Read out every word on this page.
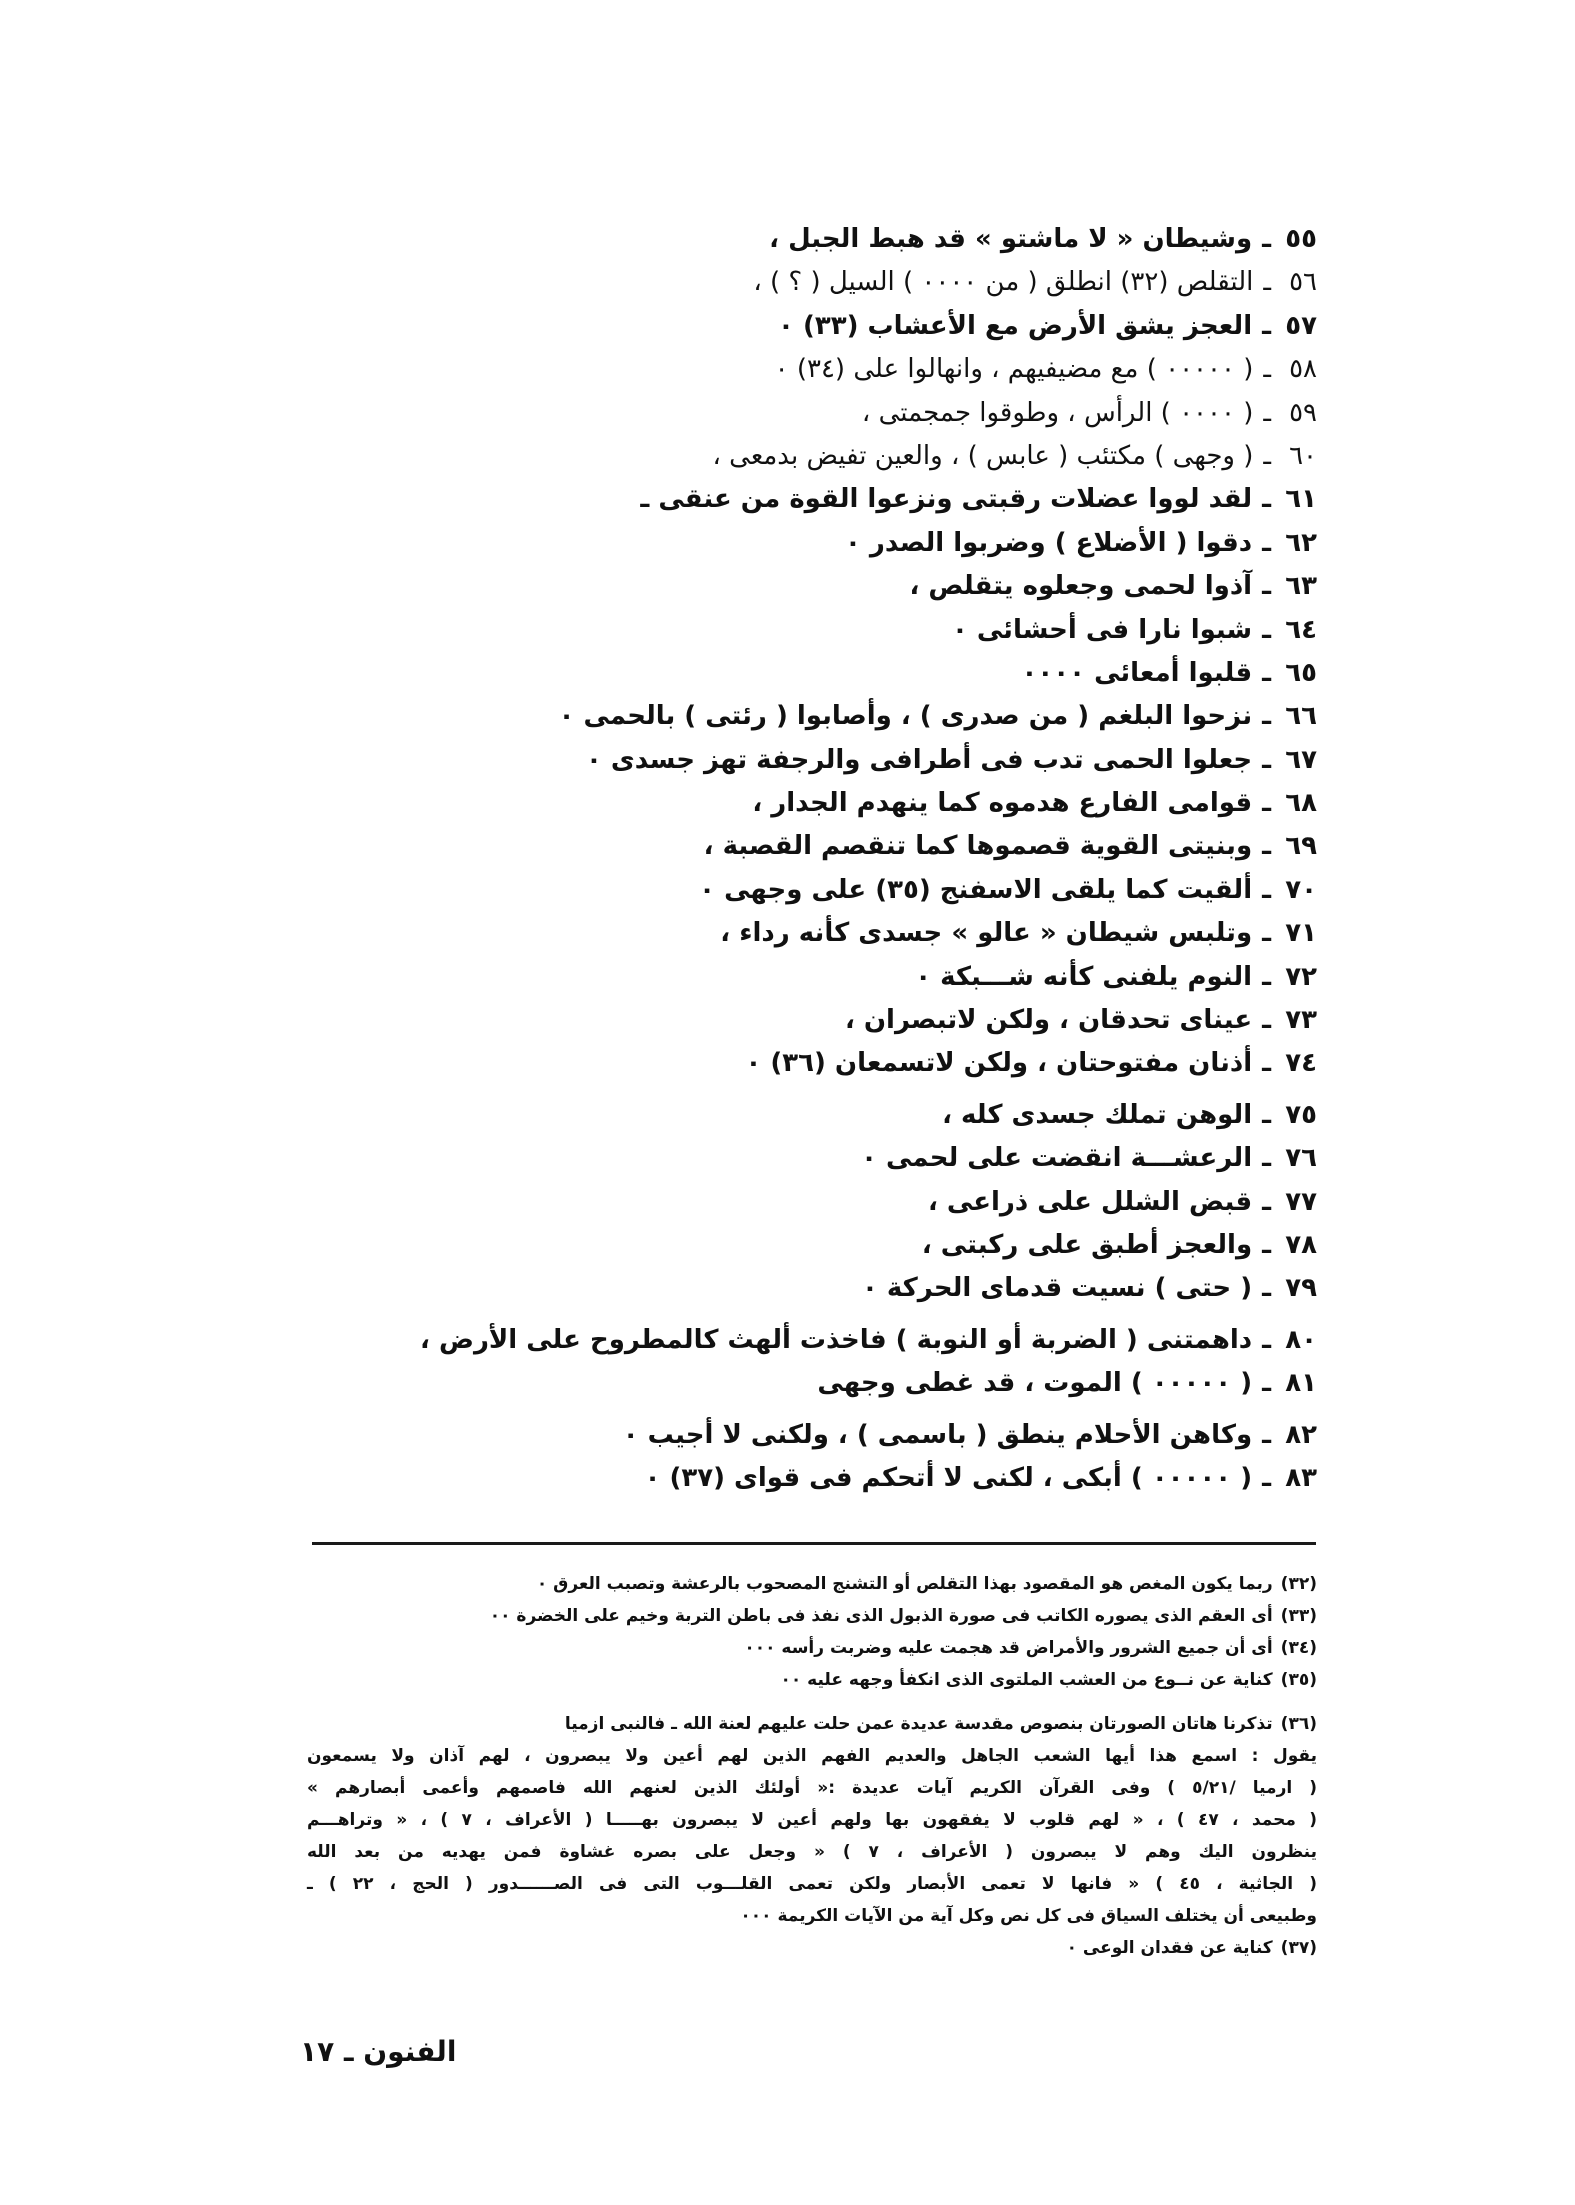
٥٥
ـ
وشيطان « لا ماشتو » قد هبط الجبل ،
٥٦
ـ
التقلص (٣٢) انطلق ( من ٠٠٠٠ ) السيل ( ؟ ) ،
٥٧
ـ
العجز يشق الأرض مع الأعشاب (٣٣) ٠
٥٨
ـ
( ٠٠٠٠٠ ) مع مضيفيهم ، وانهالوا على (٣٤) ٠
٥٩
ـ
( ٠٠٠٠ ) الرأس ، وطوقوا جمجمتى ،
٦٠
ـ
( وجهى ) مكتئب ( عابس ) ، والعين تفيض بدمعى ،
٦١
ـ
لقد لووا عضلات رقبتى ونزعوا القوة من عنقى ـ
٦٢
ـ
دقوا ( الأضلاع ) وضربوا الصدر ٠
٦٣
ـ
آذوا لحمى وجعلوه يتقلص ،
٦٤
ـ
شبوا نارا فى أحشائى ٠
٦٥
ـ
قلبوا أمعائى ٠٠٠٠
٦٦
ـ
نزحوا البلغم ( من صدرى ) ، وأصابوا ( رئتى ) بالحمى ٠
٦٧
ـ
جعلوا الحمى تدب فى أطرافى والرجفة تهز جسدى ٠
٦٨
ـ
قوامى الفارع هدموه كما ينهدم الجدار ،
٦٩
ـ
وبنيتى القوية قصموها كما تنقصم القصبة ،
٧٠
ـ
ألقيت كما يلقى الاسفنج (٣٥) على وجهى ٠
٧١
ـ
وتلبس شيطان « عالو » جسدى كأنه رداء ،
٧٢
ـ
النوم يلفنى كأنه شـــبكة ٠
٧٣
ـ
عيناى تحدقان ، ولكن لاتبصران ،
٧٤
ـ
أذنان مفتوحتان ، ولكن لاتسمعان (٣٦) ٠
٧٥
ـ
الوهن تملك جسدى كله ،
٧٦
ـ
الرعشـــة انقضت على لحمى ٠
٧٧
ـ
قبض الشلل على ذراعى ،
٧٨
ـ
والعجز أطبق على ركبتى ،
٧٩
ـ
( حتى ) نسيت قدماى الحركة ٠
٨٠
ـ
داهمتنى ( الضربة أو النوبة ) فاخذت ألهث كالمطروح على الأرض ،
٨١
ـ
( ٠٠٠٠٠ ) الموت ، قد غطى وجهى
٨٢
ـ
وكاهن الأحلام ينطق ( باسمى ) ، ولكنى لا أجيب ٠
٨٣
ـ
( ٠٠٠٠٠ ) أبكى ، لكنى لا أتحكم فى قواى (٣٧) ٠
(٣٢)ربما يكون المغص هو المقصود بهذا التقلص أو التشنج المصحوب بالرعشة وتصبب العرق ٠
(٣٣)أى العقم الذى يصوره الكاتب فى صورة الذبول الذى نفذ فى باطن التربة وخيم على الخضرة ٠٠
(٣٤)أى أن جميع الشرور والأمراض قد هجمت عليه وضربت رأسه ٠٠٠
(٣٥)كناية عن نــوع من العشب الملتوى الذى انكفأ وجهه عليه ٠٠
(٣٦)تذكرنا هاتان الصورتان بنصوص مقدسة عديدة عمن حلت عليهم لعنة الله ـ فالنبى ازميا
يقول : اسمع هذا أيها الشعب الجاهل والعديم الفهم الذين لهم أعين ولا يبصرون ، لهم آذان ولا يسمعون
( ارميا /٥/٢١ ) وفى القرآن الكريم آيات عديدة :« أولئك الذين لعنهم الله فاصمهم وأعمى أبصارهم »
( محمد ، ٤٧ ) ، « لهم قلوب لا يفقهون بها ولهم أعين لا يبصرون بهـــــا ( الأعراف ، ٧ ) ، « وتراهـــم
ينظرون اليك وهم لا يبصرون ( الأعراف ، ٧ ) « وجعل على بصره غشاوة فمن يهديه من بعد الله
( الجاثية ، ٤٥ ) « فانها لا تعمى الأبصار ولكن تعمى القلـــوب التى فى الصــــــدور ( الحج ، ٢٢ ) ـ
وطبيعى أن يختلف السياق فى كل نص وكل آية من الآيات الكريمة ٠٠٠
(٣٧)كناية عن فقدان الوعى ٠
الفنون ـ ١٧
